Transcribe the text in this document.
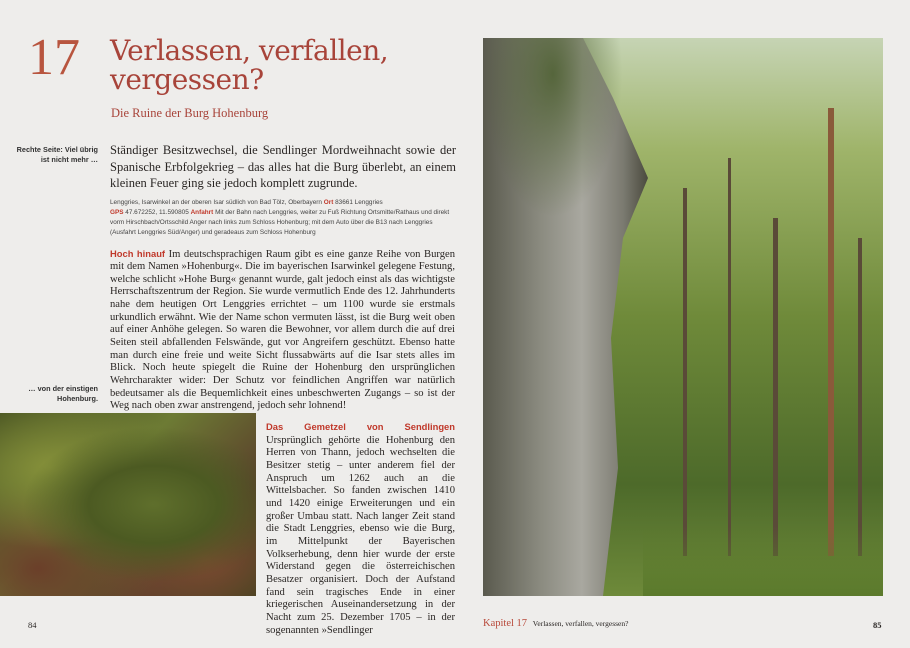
17 Verlassen, verfallen,
vergessen?
Die Ruine der Burg Hohenburg
Rechte Seite: Viel übrig ist nicht mehr …
… von der einstigen Hohenburg.
Ständiger Besitzwechsel, die Sendlinger Mordweihnacht sowie der Spanische Erbfolgekrieg – das alles hat die Burg überlebt, an einem kleinen Feuer ging sie jedoch komplett zugrunde.
Lenggries, Isarwinkel an der oberen Isar südlich von Bad Tölz, Oberbayern Ort 83661 Lenggries
GPS 47.672252, 11.590805 Anfahrt Mit der Bahn nach Lenggries, weiter zu Fuß Richtung Ortsmitte/Rathaus und direkt vorm Hirschbach/Ortsschild Anger nach links zum Schloss Hohenburg; mit dem Auto über die B13 nach Lenggries (Ausfahrt Lenggries Süd/Anger) und geradeaus zum Schloss Hohenburg
Hoch hinauf Im deutschsprachigen Raum gibt es eine ganze Reihe von Burgen mit dem Namen »Hohenburg«. Die im bayerischen Isarwinkel gelegene Festung, welche schlicht »Hohe Burg« genannt wurde, galt jedoch einst als das wichtigste Herrschaftszentrum der Region. Sie wurde vermutlich Ende des 12. Jahrhunderts nahe dem heutigen Ort Lenggries errichtet – um 1100 wurde sie erstmals urkundlich erwähnt. Wie der Name schon vermuten lässt, ist die Burg weit oben auf einer Anhöhe gelegen. So waren die Bewohner, vor allem durch die auf drei Seiten steil abfallenden Felswände, gut vor Angreifern geschützt. Ebenso hatte man durch eine freie und weite Sicht flussabwärts auf die Isar stets alles im Blick. Noch heute spiegelt die Ruine der Hohenburg den ursprünglichen Wehrcharakter wider: Der Schutz vor feindlichen Angriffen war natürlich bedeutsamer als die Bequemlichkeit eines unbeschwerten Zugangs – so ist der Weg nach oben zwar anstrengend, jedoch sehr lohnend!
Das Gemetzel von Sendlingen Ursprünglich gehörte die Hohenburg den Herren von Thann, jedoch wechselten die Besitzer stetig – unter anderem fiel der Anspruch um 1262 auch an die Wittelsbacher. So fanden zwischen 1410 und 1420 einige Erweiterungen und ein großer Umbau statt. Nach langer Zeit stand die Stadt Lenggries, ebenso wie die Burg, im Mittelpunkt der Bayerischen Volkserhebung, denn hier wurde der erste Widerstand gegen die österreichischen Besatzer organisiert. Doch der Aufstand fand sein tragisches Ende in einer kriegerischen Auseinandersetzung in der Nacht zum 25. Dezember 1705 – in der sogenannten »Sendlinger
84	Kapitel 17 Verlassen, verfallen, vergessen?	85
